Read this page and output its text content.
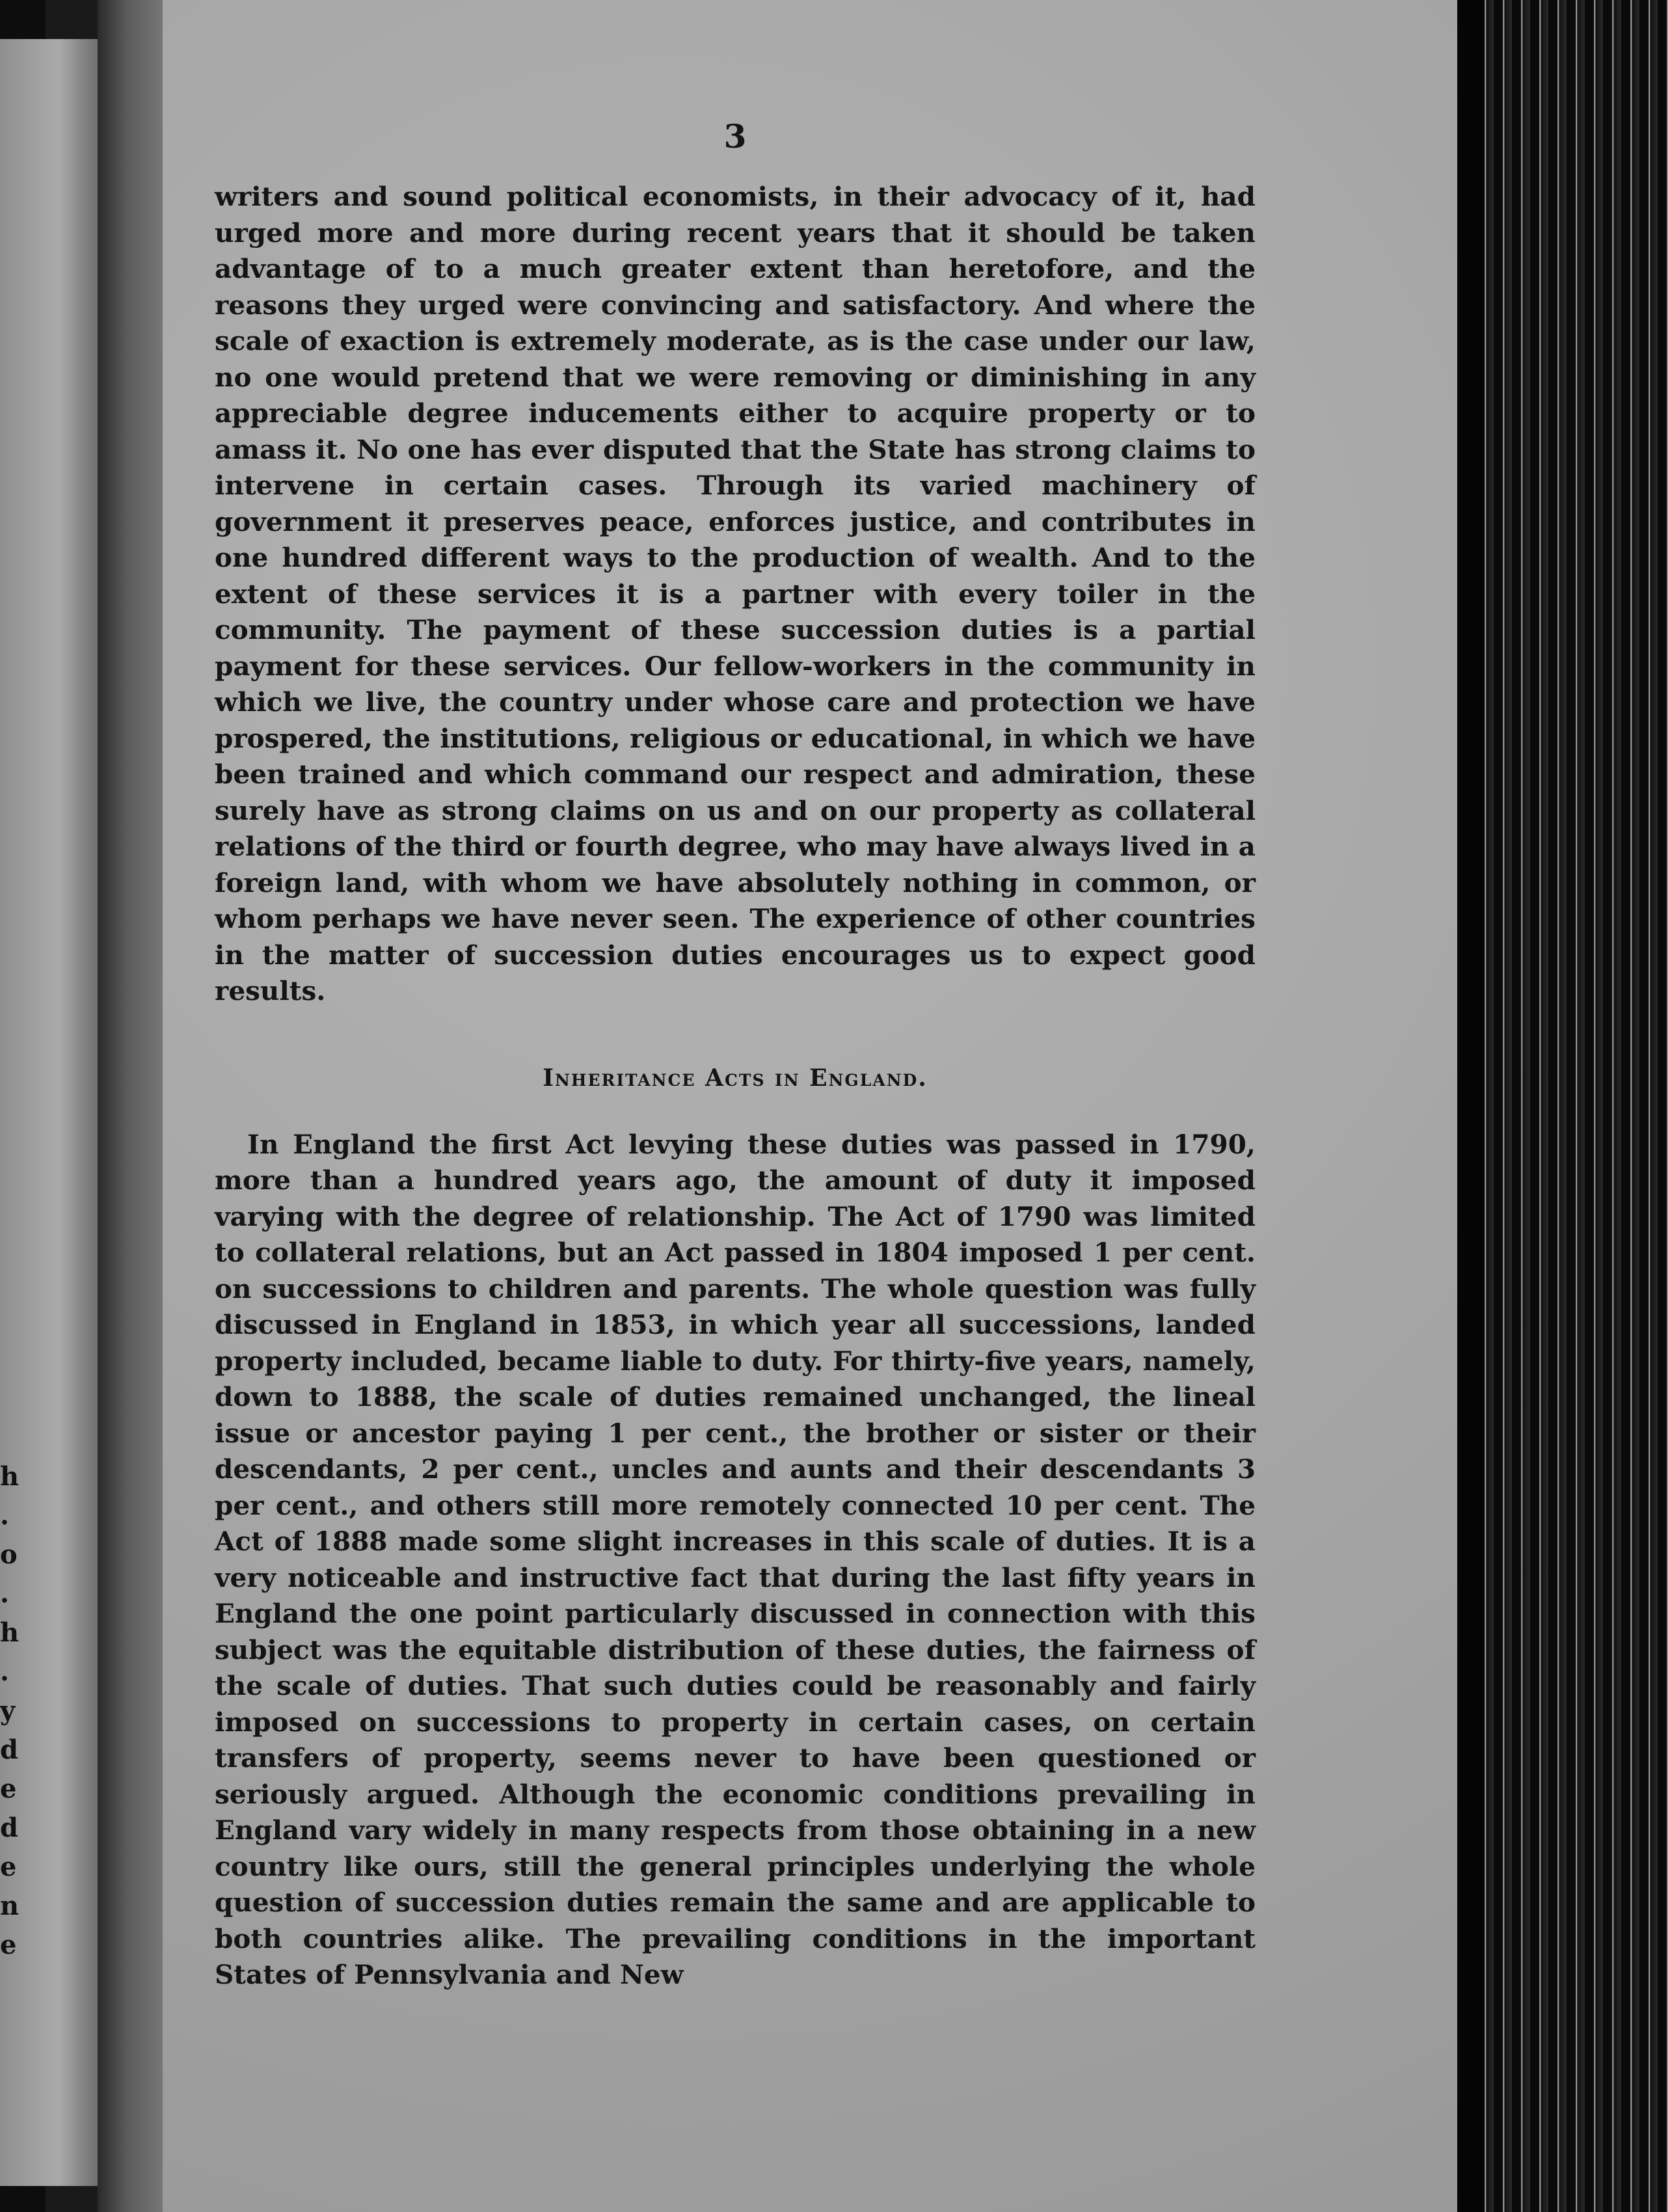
h
.
o
.
h
.
y
d
e
d
e
n
e
3

writers and sound political economists, in their advocacy of it, had urged more and more during recent years that it should be taken advantage of to a much greater extent than heretofore, and the reasons they urged were convincing and satisfactory. And where the scale of exaction is extremely moderate, as is the case under our law, no one would pretend that we were removing or diminishing in any appreciable degree inducements either to acquire property or to amass it. No one has ever disputed that the State has strong claims to intervene in certain cases. Through its varied machinery of government it preserves peace, enforces justice, and contributes in one hundred different ways to the production of wealth. And to the extent of these services it is a partner with every toiler in the community. The payment of these succession duties is a partial payment for these services. Our fellow-workers in the community in which we live, the country under whose care and protection we have prospered, the institutions, religious or educational, in which we have been trained and which command our respect and admiration, these surely have as strong claims on us and on our property as collateral relations of the third or fourth degree, who may have always lived in a foreign land, with whom we have absolutely nothing in common, or whom perhaps we have never seen. The experience of other countries in the matter of succession duties encourages us to expect good results.

Inheritance Acts in England.

In England the first Act levying these duties was passed in 1790, more than a hundred years ago, the amount of duty it imposed varying with the degree of relationship. The Act of 1790 was limited to collateral relations, but an Act passed in 1804 imposed 1 per cent. on successions to children and parents. The whole question was fully discussed in England in 1853, in which year all successions, landed property included, became liable to duty. For thirty-five years, namely, down to 1888, the scale of duties remained unchanged, the lineal issue or ancestor paying 1 per cent., the brother or sister or their descendants, 2 per cent., uncles and aunts and their descendants 3 per cent., and others still more remotely connected 10 per cent. The Act of 1888 made some slight increases in this scale of duties. It is a very noticeable and instructive fact that during the last fifty years in England the one point particularly discussed in connection with this subject was the equitable distribution of these duties, the fairness of the scale of duties. That such duties could be reasonably and fairly imposed on successions to property in certain cases, on certain transfers of property, seems never to have been questioned or seriously argued. Although the economic conditions prevailing in England vary widely in many respects from those obtaining in a new country like ours, still the general principles underlying the whole question of succession duties remain the same and are applicable to both countries alike. The prevailing conditions in the important States of Pennsylvania and New
